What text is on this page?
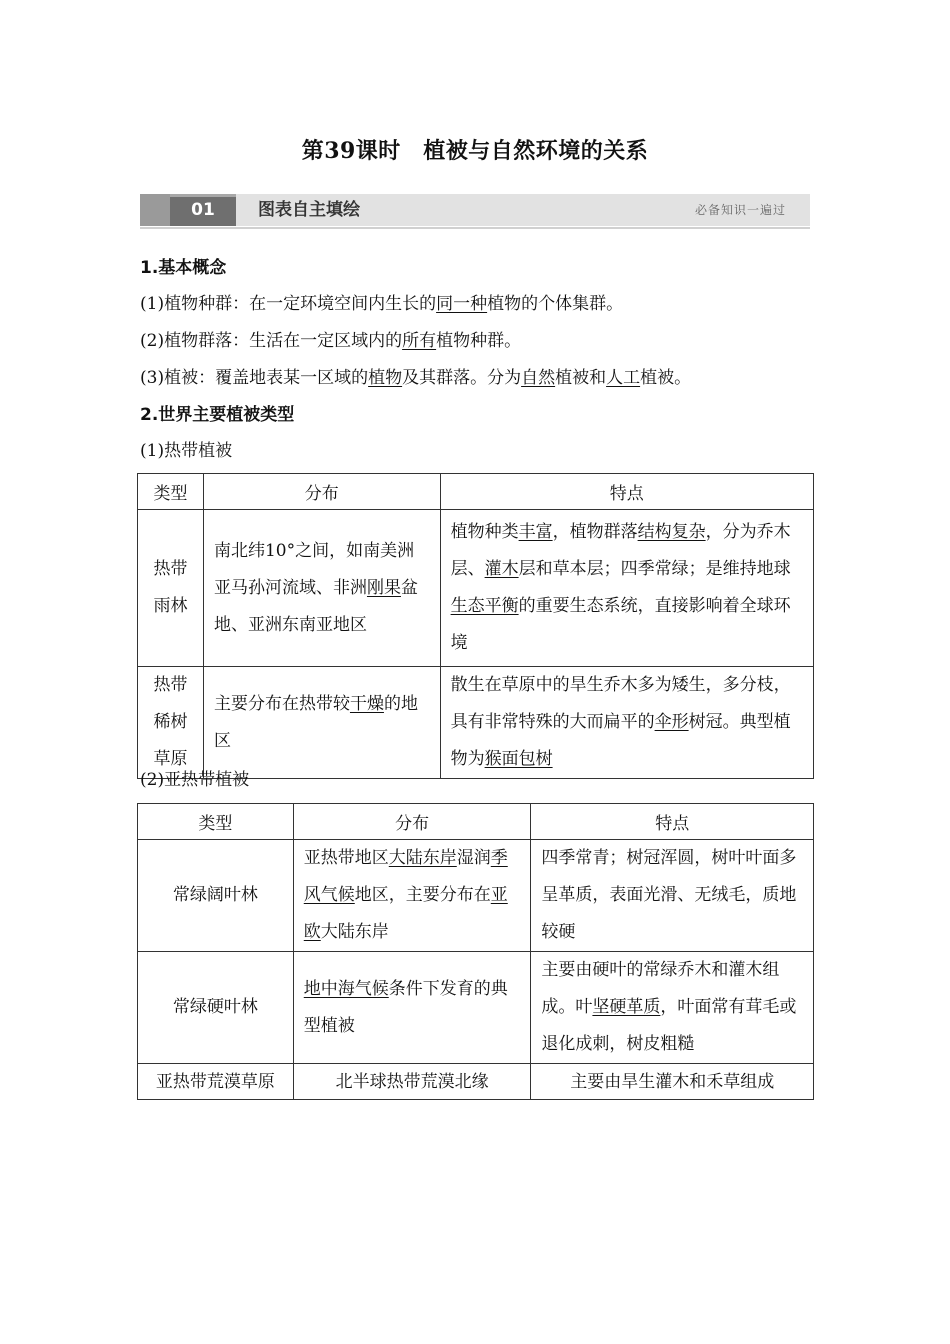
第39课时　植被与自然环境的关系
01	图表自主填绘	必备知识一遍过
1.基本概念
(1)植物种群：在一定环境空间内生长的同一种植物的个体集群。
(2)植物群落：生活在一定区域内的所有植物种群。
(3)植被：覆盖地表某一区域的植物及其群落。分为自然植被和人工植被。
2.世界主要植被类型
(1)热带植被
类型	分布	特点

热带雨林	南北纬10°之间，如南美洲亚马孙河流域、非洲刚果盆地、亚洲东南亚地区	植物种类丰富，植物群落结构复杂，分为乔木层、灌木层和草本层；四季常绿；是维持地球生态平衡的重要生态系统，直接影响着全球环境

热带稀树草原	主要分布在热带较干燥的地区	散生在草原中的旱生乔木多为矮生，多分枝，具有非常特殊的大而扁平的伞形树冠。典型植物为猴面包树
(2)亚热带植被
类型	分布	特点

常绿阔叶林	亚热带地区大陆东岸湿润季风气候地区，主要分布在亚欧大陆东岸	四季常青；树冠浑圆，树叶叶面多呈革质，表面光滑、无绒毛，质地较硬

常绿硬叶林	地中海气候条件下发育的典型植被	主要由硬叶的常绿乔木和灌木组成。叶坚硬革质，叶面常有茸毛或退化成刺，树皮粗糙

亚热带荒漠草原	北半球热带荒漠北缘	主要由旱生灌木和禾草组成
